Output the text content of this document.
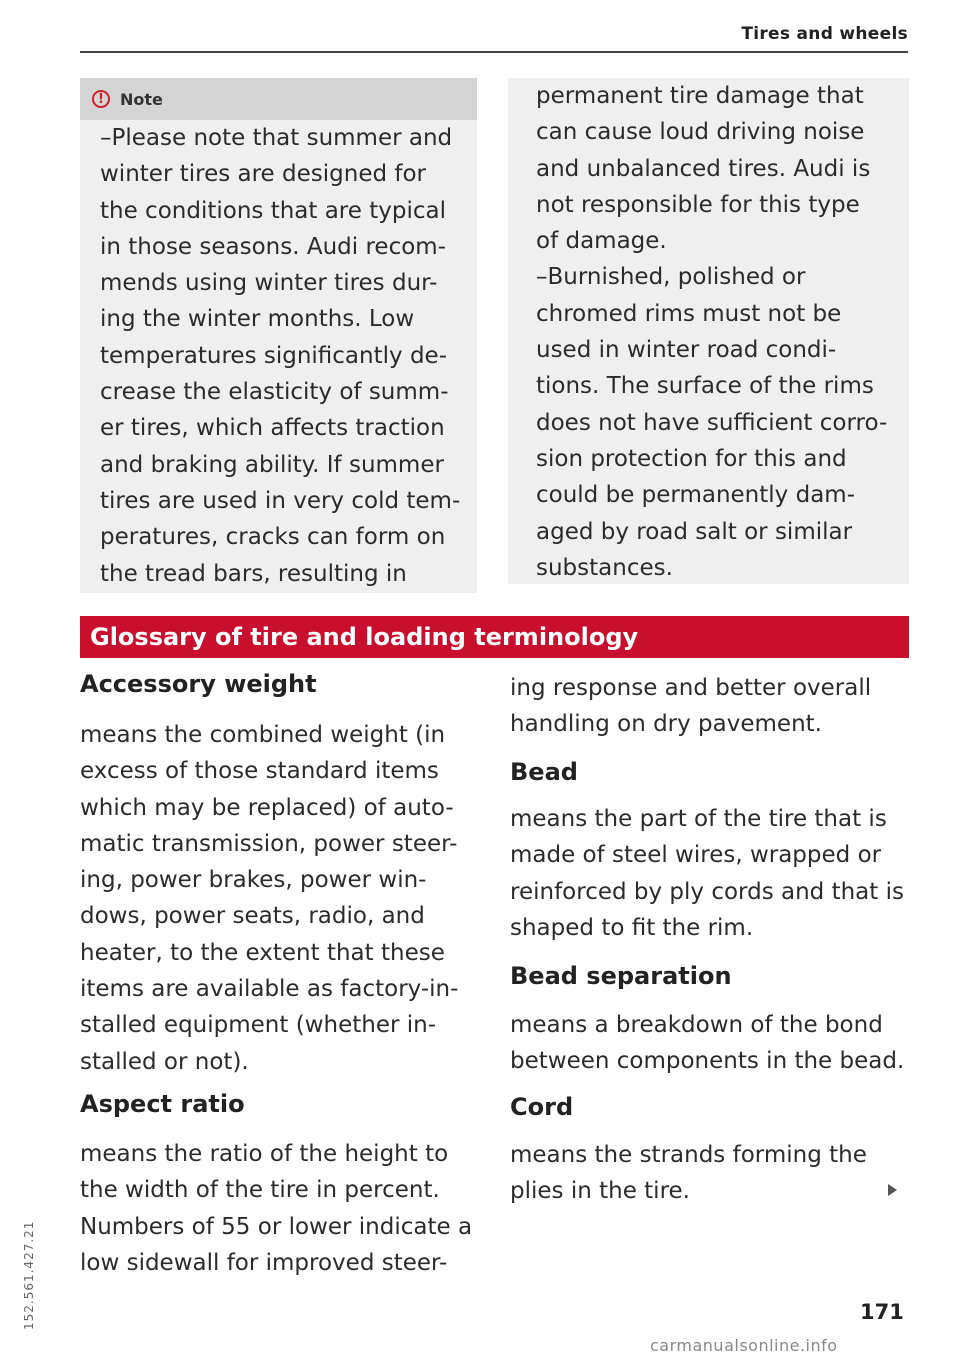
Tires and wheels
!	Note
–Please note that summer and
winter tires are designed for
the conditions that are typical
in those seasons. Audi recom-
mends using winter tires dur-
ing the winter months. Low
temperatures significantly de-
crease the elasticity of summ-
er tires, which affects traction
and braking ability. If summer
tires are used in very cold tem-
peratures, cracks can form on
the tread bars, resulting in
permanent tire damage that
can cause loud driving noise
and unbalanced tires. Audi is
not responsible for this type
of damage.
–Burnished, polished or
chromed rims must not be
used in winter road condi-
tions. The surface of the rims
does not have sufficient corro-
sion protection for this and
could be permanently dam-
aged by road salt or similar
substances.
Glossary of tire and loading terminology
Accessory weight
means the combined weight (in
excess of those standard items
which may be replaced) of auto-
matic transmission, power steer-
ing, power brakes, power win-
dows, power seats, radio, and
heater, to the extent that these
items are available as factory-in-
stalled equipment (whether in-
stalled or not).
Aspect ratio
means the ratio of the height to
the width of the tire in percent.
Numbers of 55 or lower indicate a
low sidewall for improved steer-
ing response and better overall
handling on dry pavement.
Bead
means the part of the tire that is
made of steel wires, wrapped or
reinforced by ply cords and that is
shaped to fit the rim.
Bead separation
means a breakdown of the bond
between components in the bead.
Cord
means the strands forming the
plies in the tire.
171
152.561.427.21
carmanualsonline.info
